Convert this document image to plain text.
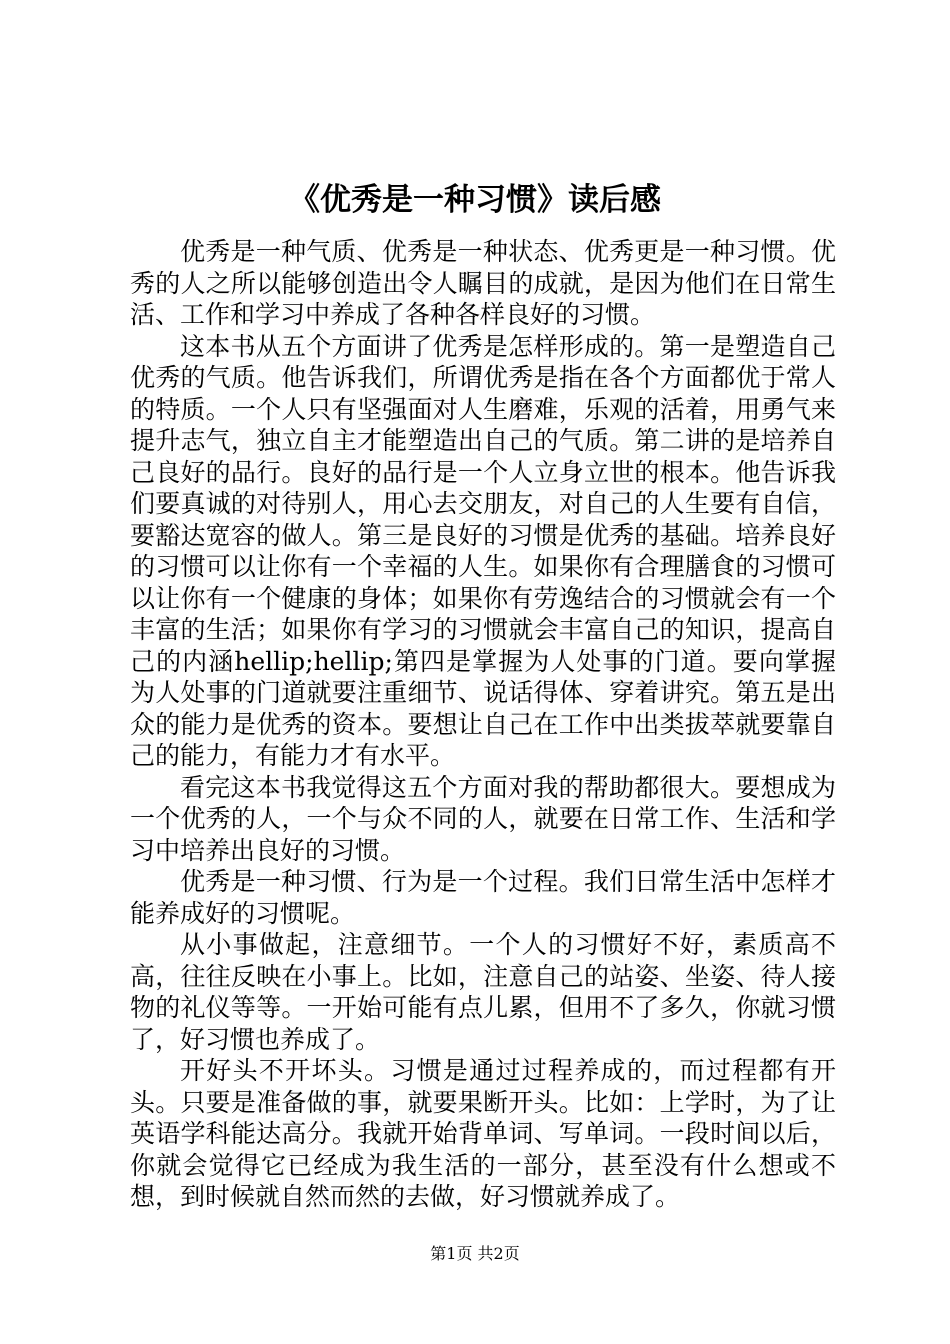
《优秀是一种习惯》读后感

优秀是一种气质、优秀是一种状态、优秀更是一种习惯。优秀的人之所以能够创造出令人瞩目的成就，是因为他们在日常生活、工作和学习中养成了各种各样良好的习惯。

这本书从五个方面讲了优秀是怎样形成的。第一是塑造自己优秀的气质。他告诉我们，所谓优秀是指在各个方面都优于常人的特质。一个人只有坚强面对人生磨难，乐观的活着，用勇气来提升志气，独立自主才能塑造出自己的气质。第二讲的是培养自己良好的品行。良好的品行是一个人立身立世的根本。他告诉我们要真诚的对待别人，用心去交朋友，对自己的人生要有自信，要豁达宽容的做人。第三是良好的习惯是优秀的基础。培养良好的习惯可以让你有一个幸福的人生。如果你有合理膳食的习惯可以让你有一个健康的身体；如果你有劳逸结合的习惯就会有一个丰富的生活；如果你有学习的习惯就会丰富自己的知识，提高自己的内涵hellip;hellip;第四是掌握为人处事的门道。要向掌握为人处事的门道就要注重细节、说话得体、穿着讲究。第五是出众的能力是优秀的资本。要想让自己在工作中出类拔萃就要靠自己的能力，有能力才有水平。

看完这本书我觉得这五个方面对我的帮助都很大。要想成为一个优秀的人，一个与众不同的人，就要在日常工作、生活和学习中培养出良好的习惯。

优秀是一种习惯、行为是一个过程。我们日常生活中怎样才能养成好的习惯呢。

从小事做起，注意细节。一个人的习惯好不好，素质高不高，往往反映在小事上。比如，注意自己的站姿、坐姿、待人接物的礼仪等等。一开始可能有点儿累，但用不了多久，你就习惯了，好习惯也养成了。

开好头不开坏头。习惯是通过过程养成的，而过程都有开头。只要是准备做的事，就要果断开头。比如：上学时，为了让英语学科能达高分。我就开始背单词、写单词。一段时间以后，你就会觉得它已经成为我生活的一部分，甚至没有什么想或不想，到时候就自然而然的去做，好习惯就养成了。

第1页 共2页
